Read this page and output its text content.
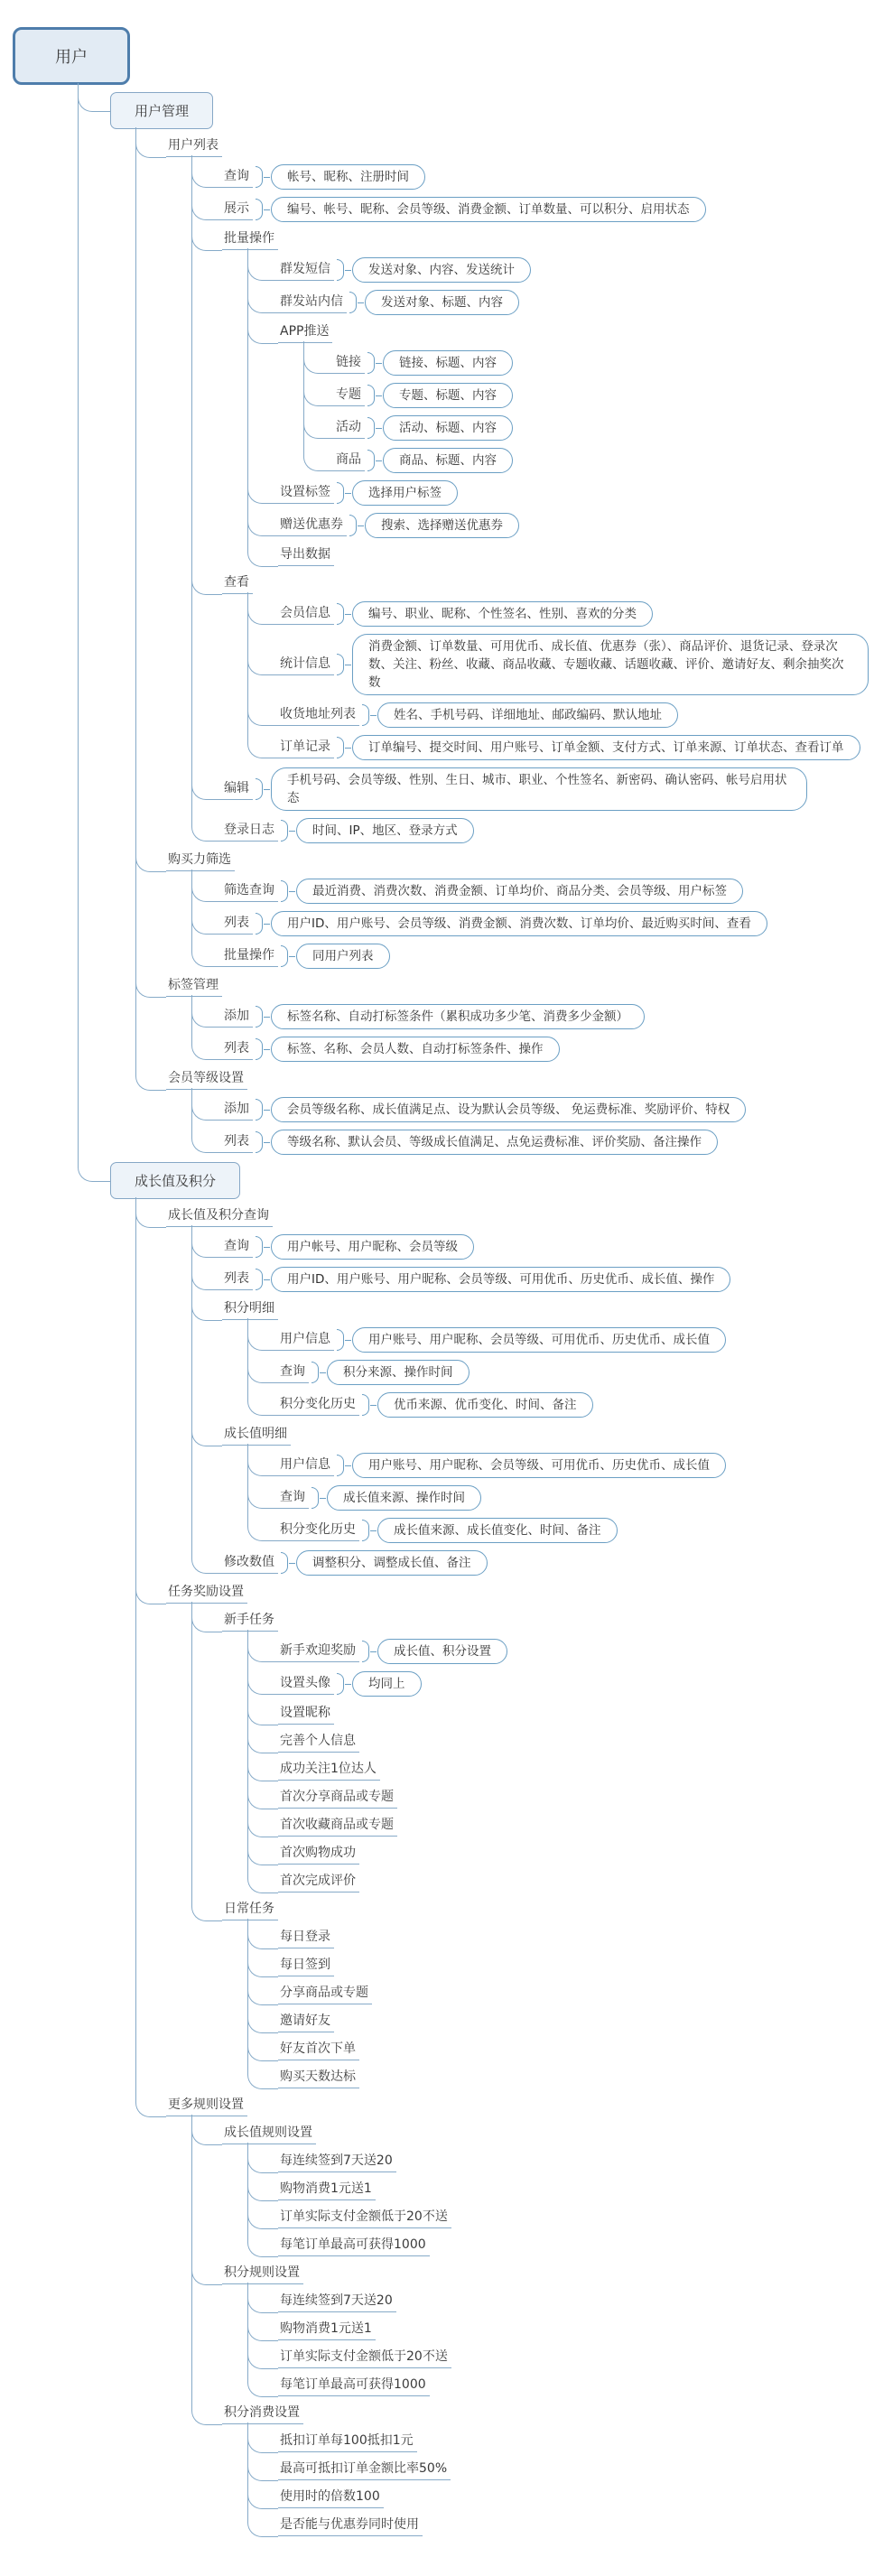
用户
用户管理
用户列表
查询	帐号、昵称、注册时间
展示	编号、帐号、昵称、会员等级、消费金额、订单数量、可以积分、启用状态
批量操作
群发短信	发送对象、内容、发送统计
群发站内信	发送对象、标题、内容
APP推送
链接	链接、标题、内容
专题	专题、标题、内容
活动	活动、标题、内容
商品	商品、标题、内容
设置标签	选择用户标签
赠送优惠券	搜索、选择赠送优惠券
导出数据
查看
会员信息	编号、职业、昵称、个性签名、性别、喜欢的分类
统计信息
消费金额、订单数量、可用优币、成长值、优惠券（张）、商品评价、退货记录、登录次数、关注、粉丝、收藏、商品收藏、专题收藏、话题收藏、评价、邀请好友、剩余抽奖次数
收货地址列表	姓名、手机号码、详细地址、邮政编码、默认地址
订单记录	订单编号、提交时间、用户账号、订单金额、支付方式、订单来源、订单状态、查看订单
编辑
手机号码、会员等级、性别、生日、城市、职业、个性签名、新密码、确认密码、帐号启用状态
登录日志	时间、IP、地区、登录方式
购买力筛选
筛选查询	最近消费、消费次数、消费金额、订单均价、商品分类、会员等级、用户标签
列表	用户ID、用户账号、会员等级、消费金额、消费次数、订单均价、最近购买时间、查看
批量操作	同用户列表
标签管理
添加	标签名称、自动打标签条件（累积成功多少笔、消费多少金额）
列表	标签、名称、会员人数、自动打标签条件、操作
会员等级设置
添加	会员等级名称、成长值满足点、设为默认会员等级、 免运费标准、奖励评价、特权
列表	等级名称、默认会员、等级成长值满足、点免运费标准、评价奖励、备注操作
成长值及积分
成长值及积分查询
查询	用户帐号、用户昵称、会员等级
列表	用户ID、用户账号、用户昵称、会员等级、可用优币、历史优币、成长值、操作
积分明细
用户信息	用户账号、用户昵称、会员等级、可用优币、历史优币、成长值
查询	积分来源、操作时间
积分变化历史	优币来源、优币变化、时间、备注
成长值明细
用户信息	用户账号、用户昵称、会员等级、可用优币、历史优币、成长值
查询	成长值来源、操作时间
积分变化历史	成长值来源、成长值变化、时间、备注
修改数值	调整积分、调整成长值、备注
任务奖励设置
新手任务
新手欢迎奖励	成长值、积分设置
设置头像	均同上
设置昵称
完善个人信息
成功关注1位达人
首次分享商品或专题
首次收藏商品或专题
首次购物成功
首次完成评价
日常任务
每日登录
每日签到
分享商品或专题
邀请好友
好友首次下单
购买天数达标
更多规则设置
成长值规则设置
每连续签到7天送20
购物消费1元送1
订单实际支付金额低于20不送
每笔订单最高可获得1000
积分规则设置
每连续签到7天送20
购物消费1元送1
订单实际支付金额低于20不送
每笔订单最高可获得1000
积分消费设置
抵扣订单每100抵扣1元
最高可抵扣订单金额比率50%
使用时的倍数100
是否能与优惠券同时使用
